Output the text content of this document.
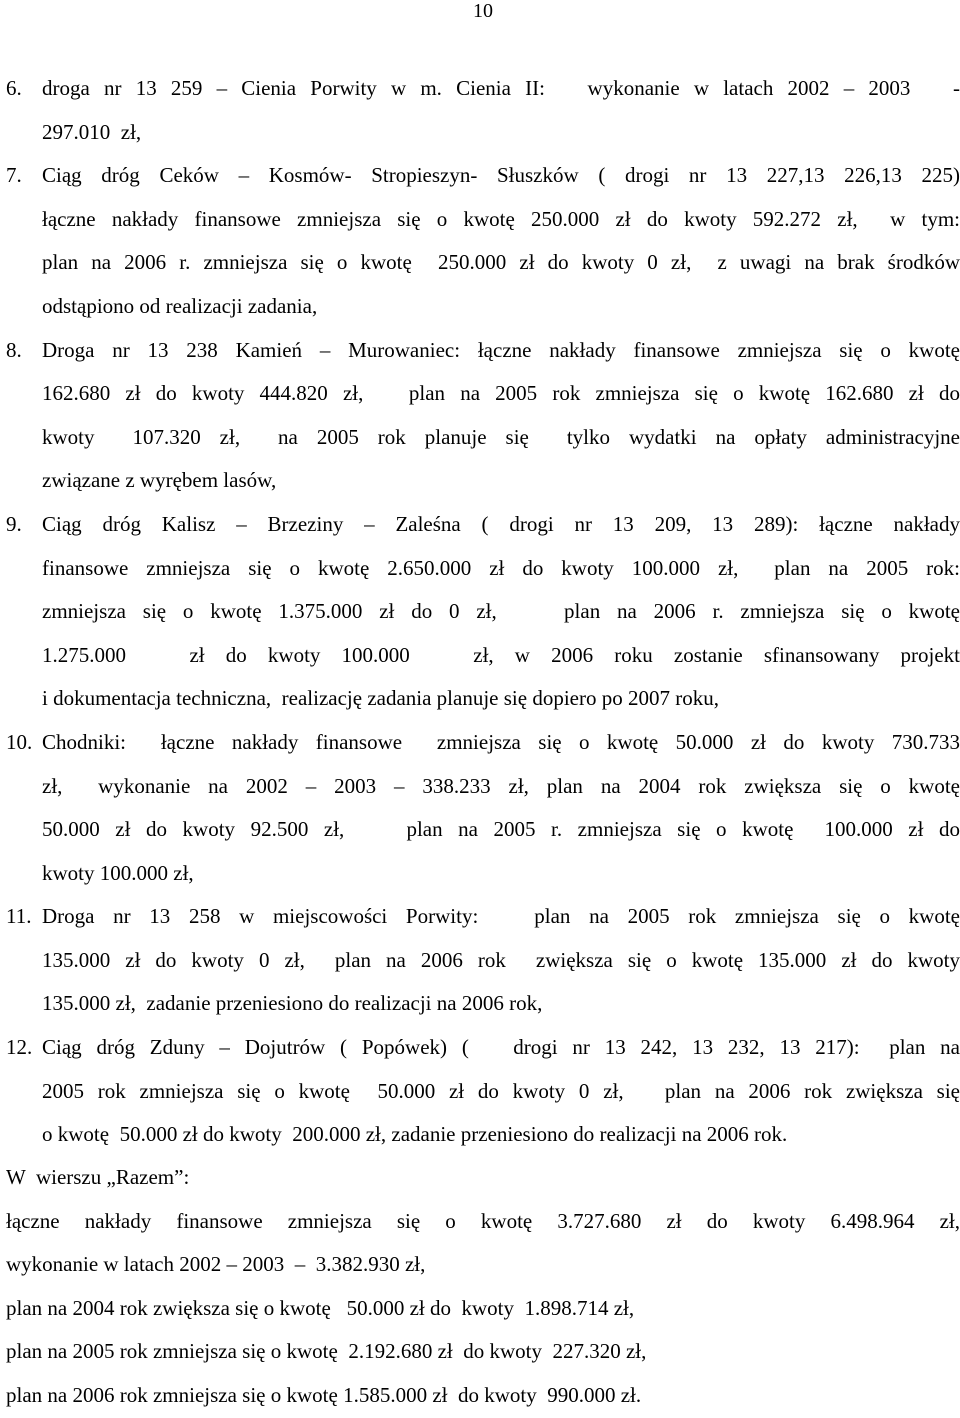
10
6. droga nr 13 259 – Cienia Porwity w m. Cienia II:   wykonanie w latach 2002 – 2003   -
297.010  zł,
7. Ciąg dróg Ceków – Kosmów- Stropieszyn- Słuszków ( drogi nr 13 227,13 226,13 225)
łączne nakłady finansowe zmniejsza się o kwotę 250.000 zł do kwoty 592.272 zł,  w tym:
plan na 2006 r. zmniejsza się o kwotę  250.000 zł do kwoty 0 zł,  z uwagi na brak środków
odstąpiono od realizacji zadania,
8. Droga nr 13 238 Kamień – Murowaniec: łączne nakłady finansowe zmniejsza się o kwotę
162.680 zł do kwoty 444.820 zł,   plan na 2005 rok zmniejsza się o kwotę 162.680 zł do
kwoty  107.320 zł,  na 2005 rok planuje się  tylko wydatki na opłaty administracyjne
związane z wyrębem lasów,
9. Ciąg dróg Kalisz – Brzeziny – Zaleśna ( drogi nr 13 209, 13 289): łączne nakłady
finansowe zmniejsza się o kwotę 2.650.000 zł do kwoty 100.000 zł,  plan na 2005 rok:
zmniejsza się o kwotę 1.375.000 zł do 0 zł,    plan na 2006 r. zmniejsza się o kwotę
1.275.000   zł do kwoty 100.000   zł, w 2006 roku zostanie sfinansowany projekt
i dokumentacja techniczna,  realizację zadania planuje się dopiero po 2007 roku,
10. Chodniki:  łączne nakłady finansowe  zmniejsza się o kwotę 50.000 zł do kwoty 730.733
zł,  wykonanie na 2002 – 2003 – 338.233 zł, plan na 2004 rok zwiększa się o kwotę
50.000 zł do kwoty 92.500 zł,    plan na 2005 r. zmniejsza się o kwotę  100.000 zł do
kwoty 100.000 zł,
11. Droga nr 13 258 w miejscowości Porwity:   plan na 2005 rok zmniejsza się o kwotę
135.000 zł do kwoty 0 zł,  plan na 2006 rok  zwiększa się o kwotę 135.000 zł do kwoty
135.000 zł,  zadanie przeniesiono do realizacji na 2006 rok,
12. Ciąg dróg Zduny – Dojutrów ( Popówek) (   drogi nr 13 242, 13 232, 13 217):  plan na
2005 rok zmniejsza się o kwotę  50.000 zł do kwoty 0 zł,   plan na 2006 rok zwiększa się
o kwotę  50.000 zł do kwoty  200.000 zł, zadanie przeniesiono do realizacji na 2006 rok.
W  wierszu „Razem”:
łączne nakłady finansowe zmniejsza się o kwotę 3.727.680 zł do kwoty 6.498.964 zł,
wykonanie w latach 2002 – 2003  –  3.382.930 zł,
plan na 2004 rok zwiększa się o kwotę   50.000 zł do  kwoty  1.898.714 zł,
plan na 2005 rok zmniejsza się o kwotę  2.192.680 zł  do kwoty  227.320 zł,
plan na 2006 rok zmniejsza się o kwotę 1.585.000 zł  do kwoty  990.000 zł.
